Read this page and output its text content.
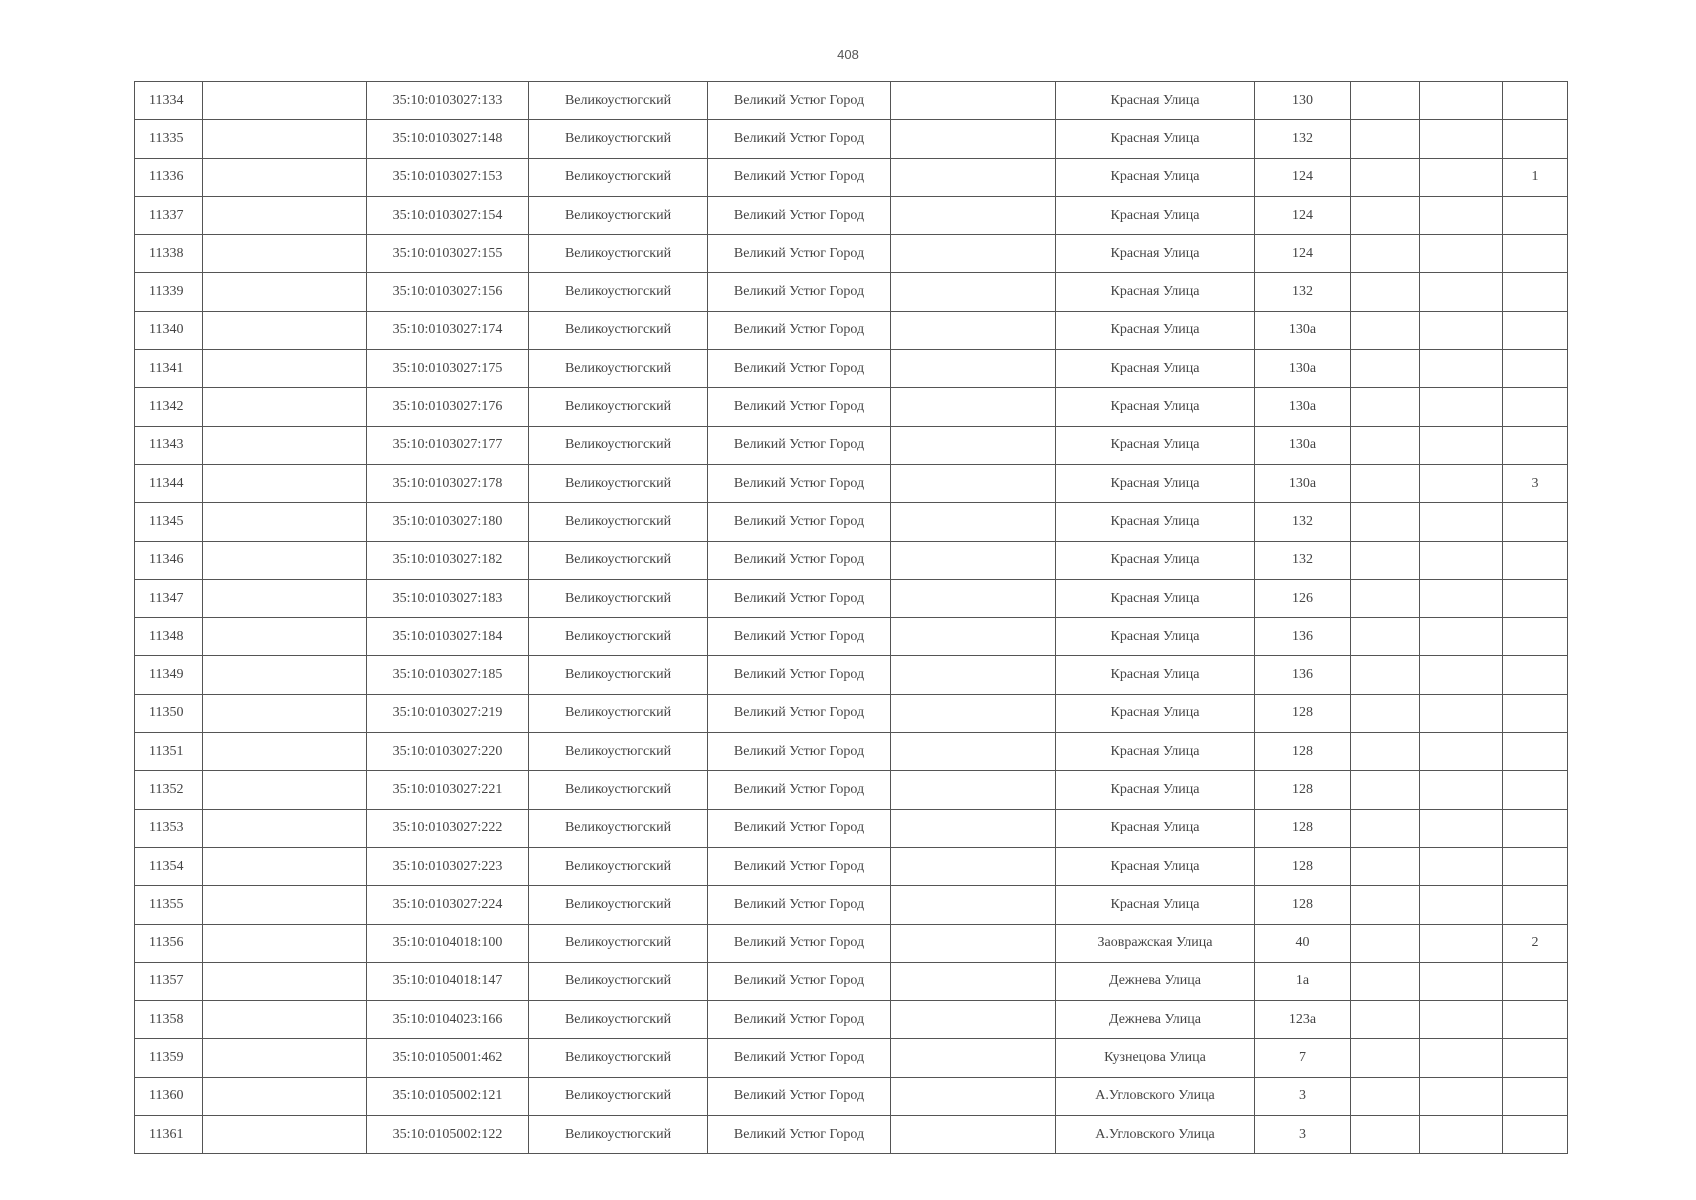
408
11334		35:10:0103027:133	Великоустюгский	Великий Устюг Город		Красная Улица	130			
11335		35:10:0103027:148	Великоустюгский	Великий Устюг Город		Красная Улица	132			
11336		35:10:0103027:153	Великоустюгский	Великий Устюг Город		Красная Улица	124			1
11337		35:10:0103027:154	Великоустюгский	Великий Устюг Город		Красная Улица	124			
11338		35:10:0103027:155	Великоустюгский	Великий Устюг Город		Красная Улица	124			
11339		35:10:0103027:156	Великоустюгский	Великий Устюг Город		Красная Улица	132			
11340		35:10:0103027:174	Великоустюгский	Великий Устюг Город		Красная Улица	130а			
11341		35:10:0103027:175	Великоустюгский	Великий Устюг Город		Красная Улица	130а			
11342		35:10:0103027:176	Великоустюгский	Великий Устюг Город		Красная Улица	130а			
11343		35:10:0103027:177	Великоустюгский	Великий Устюг Город		Красная Улица	130а			
11344		35:10:0103027:178	Великоустюгский	Великий Устюг Город		Красная Улица	130а			3
11345		35:10:0103027:180	Великоустюгский	Великий Устюг Город		Красная Улица	132			
11346		35:10:0103027:182	Великоустюгский	Великий Устюг Город		Красная Улица	132			
11347		35:10:0103027:183	Великоустюгский	Великий Устюг Город		Красная Улица	126			
11348		35:10:0103027:184	Великоустюгский	Великий Устюг Город		Красная Улица	136			
11349		35:10:0103027:185	Великоустюгский	Великий Устюг Город		Красная Улица	136			
11350		35:10:0103027:219	Великоустюгский	Великий Устюг Город		Красная Улица	128			
11351		35:10:0103027:220	Великоустюгский	Великий Устюг Город		Красная Улица	128			
11352		35:10:0103027:221	Великоустюгский	Великий Устюг Город		Красная Улица	128			
11353		35:10:0103027:222	Великоустюгский	Великий Устюг Город		Красная Улица	128			
11354		35:10:0103027:223	Великоустюгский	Великий Устюг Город		Красная Улица	128			
11355		35:10:0103027:224	Великоустюгский	Великий Устюг Город		Красная Улица	128			
11356		35:10:0104018:100	Великоустюгский	Великий Устюг Город		Заовражская Улица	40			2
11357		35:10:0104018:147	Великоустюгский	Великий Устюг Город		Дежнева Улица	1а			
11358		35:10:0104023:166	Великоустюгский	Великий Устюг Город		Дежнева Улица	123а			
11359		35:10:0105001:462	Великоустюгский	Великий Устюг Город		Кузнецова Улица	7			
11360		35:10:0105002:121	Великоустюгский	Великий Устюг Город		А.Угловского Улица	3			
11361		35:10:0105002:122	Великоустюгский	Великий Устюг Город		А.Угловского Улица	3			
